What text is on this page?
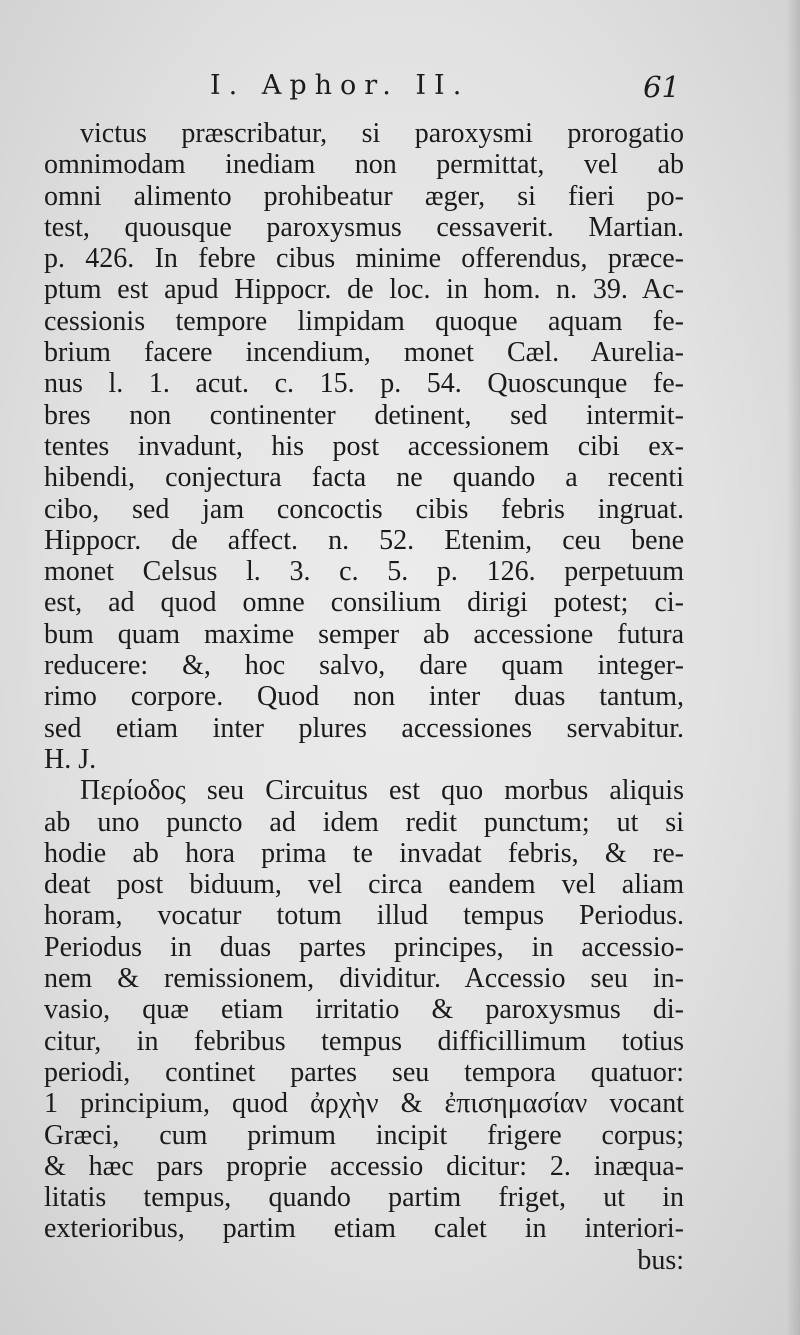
I. Aphor. II.	61
victus præscribatur, si paroxysmi prorogatio
omnimodam inediam non permittat, vel ab
omni alimento prohibeatur æger, si fieri po-
test, quousque paroxysmus cessaverit. Martian.
p. 426. In febre cibus minime offerendus, præce-
ptum est apud Hippocr. de loc. in hom. n. 39. Ac-
cessionis tempore limpidam quoque aquam fe-
brium facere incendium, monet Cæl. Aurelia-
nus l. 1. acut. c. 15. p. 54. Quoscunque fe-
bres non continenter detinent, sed intermit-
tentes invadunt, his post accessionem cibi ex-
hibendi, conjectura facta ne quando a recenti
cibo, sed jam concoctis cibis febris ingruat.
Hippocr. de affect. n. 52. Etenim, ceu bene
monet Celsus l. 3. c. 5. p. 126. perpetuum
est, ad quod omne consilium dirigi potest; ci-
bum quam maxime semper ab accessione futura
reducere: &, hoc salvo, dare quam integer-
rimo corpore. Quod non inter duas tantum,
sed etiam inter plures accessiones servabitur.
H. J.
Περίοδος seu Circuitus est quo morbus aliquis
ab uno puncto ad idem redit punctum; ut si
hodie ab hora prima te invadat febris, & re-
deat post biduum, vel circa eandem vel aliam
horam, vocatur totum illud tempus Periodus.
Periodus in duas partes principes, in accessio-
nem & remissionem, dividitur. Accessio seu in-
vasio, quæ etiam irritatio & paroxysmus di-
citur, in febribus tempus difficillimum totius
periodi, continet partes seu tempora quatuor:
1 principium, quod ἀρχὴν & ἐπισημασίαν vocant
Græci, cum primum incipit frigere corpus;
& hæc pars proprie accessio dicitur: 2. inæqua-
litatis tempus, quando partim friget, ut in
exterioribus, partim etiam calet in interiori-
bus:
